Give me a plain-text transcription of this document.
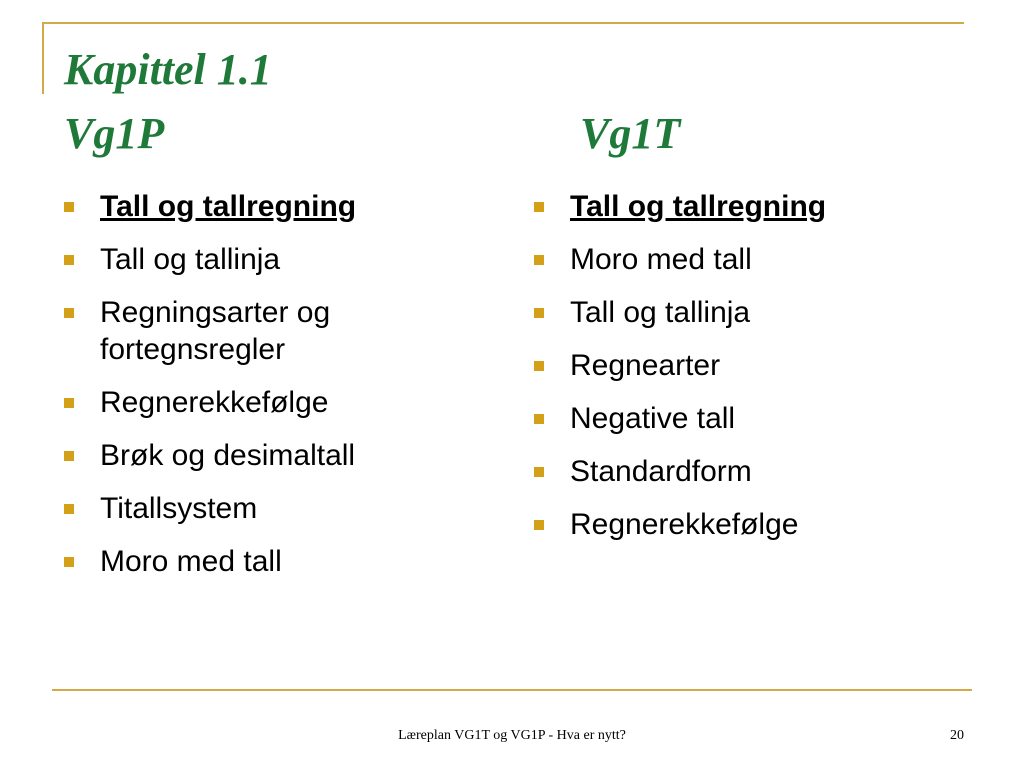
Kapittel 1.1
Vg1P	Vg1T
Tall og tallregning
Tall og tallinja
Regningsarter og fortegnsregler
Regnerekkefølge
Brøk og desimaltall
Titallsystem
Moro med tall
Tall og tallregning
Moro med tall
Tall og tallinja
Regnearter
Negative tall
Standardform
Regnerekkefølge
Læreplan VG1T og VG1P - Hva er nytt?	20
